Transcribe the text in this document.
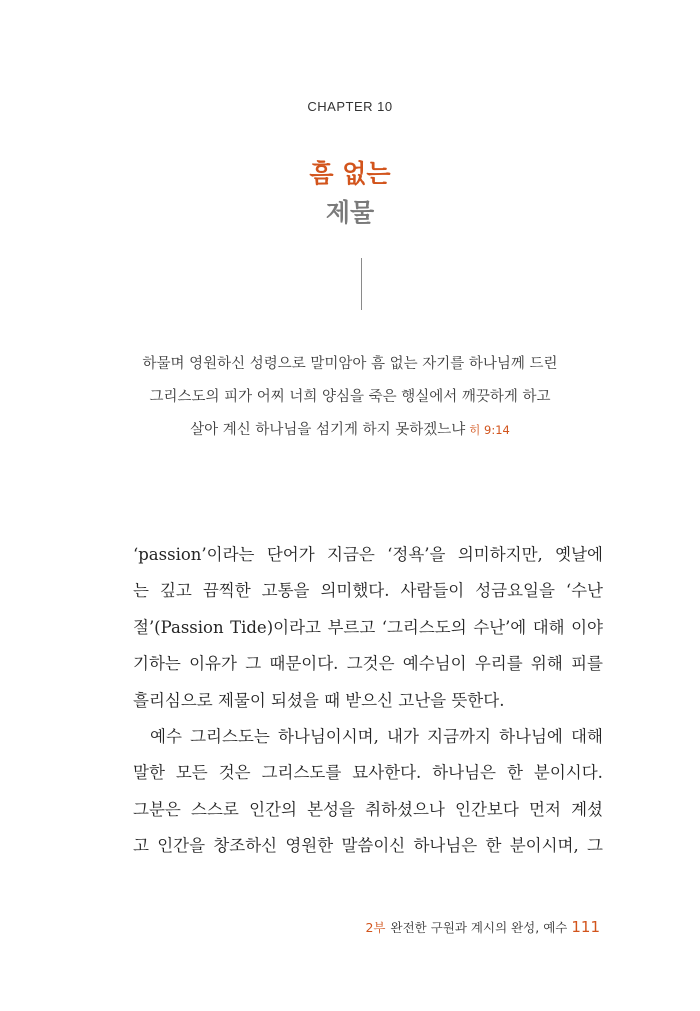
CHAPTER 10
흠 없는
제물
하물며 영원하신 성령으로 말미암아 흠 없는 자기를 하나님께 드린
그리스도의 피가 어찌 너희 양심을 죽은 행실에서 깨끗하게 하고
살아 계신 하나님을 섬기게 하지 못하겠느냐 히 9:14
‘passion’이라는 단어가 지금은 ‘정욕’을 의미하지만, 옛날에
는 깊고 끔찍한 고통을 의미했다. 사람들이 성금요일을 ‘수난
절’(Passion Tide)이라고 부르고 ‘그리스도의 수난’에 대해 이야
기하는 이유가 그 때문이다. 그것은 예수님이 우리를 위해 피를
흘리심으로 제물이 되셨을 때 받으신 고난을 뜻한다.
예수 그리스도는 하나님이시며, 내가 지금까지 하나님에 대해
말한 모든 것은 그리스도를 묘사한다. 하나님은 한 분이시다.
그분은 스스로 인간의 본성을 취하셨으나 인간보다 먼저 계셨
고 인간을 창조하신 영원한 말씀이신 하나님은 한 분이시며, 그
2부 완전한 구원과 계시의 완성, 예수 111
